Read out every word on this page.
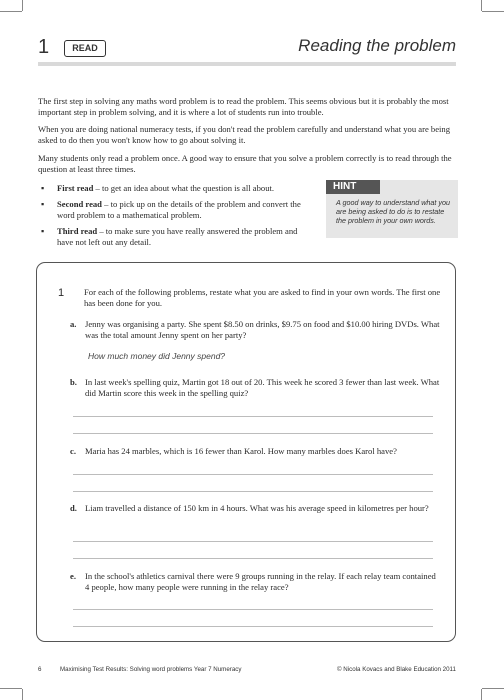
1	READ	Reading the problem

The first step in solving any maths word problem is to read the problem. This seems obvious but it is probably the most important step in problem solving, and it is where a lot of students run into trouble.

When you are doing national numeracy tests, if you don't read the problem carefully and understand what you are being asked to do then you won't know how to go about solving it.

Many students only read a problem once. A good way to ensure that you solve a problem correctly is to read through the question at least three times.

▪ First read – to get an idea about what the question is all about.
▪ Second read – to pick up on the details of the problem and convert the word problem to a mathematical problem.
▪ Third read – to make sure you have really answered the problem and have not left out any detail.
HINT
A good way to understand what you are being asked to do is to restate the problem in your own words.
1 For each of the following problems, restate what you are asked to find in your own words. The first one has been done for you.
a. Jenny was organising a party. She spent $8.50 on drinks, $9.75 on food and $10.00 hiring DVDs. What was the total amount Jenny spent on her party?
How much money did Jenny spend?
b. In last week's spelling quiz, Martin got 18 out of 20. This week he scored 3 fewer than last week. What did Martin score this week in the spelling quiz?
c. Maria has 24 marbles, which is 16 fewer than Karol. How many marbles does Karol have?
d. Liam travelled a distance of 150 km in 4 hours. What was his average speed in kilometres per hour?
e. In the school's athletics carnival there were 9 groups running in the relay. If each relay team contained 4 people, how many people were running in the relay race?
6	Maximising Test Results: Solving word problems Year 7 Numeracy	© Nicola Kovacs and Blake Education 2011
